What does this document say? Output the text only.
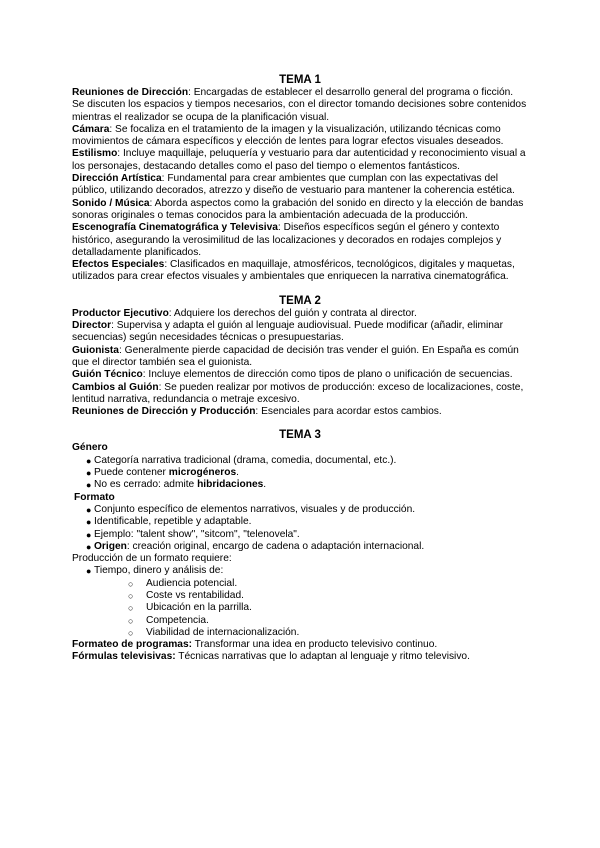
TEMA 1

Reuniones de Dirección: Encargadas de establecer el desarrollo general del programa o ficción. Se discuten los espacios y tiempos necesarios, con el director tomando decisiones sobre contenidos mientras el realizador se ocupa de la planificación visual.

Cámara: Se focaliza en el tratamiento de la imagen y la visualización, utilizando técnicas como movimientos de cámara específicos y elección de lentes para lograr efectos visuales deseados.

Estilismo: Incluye maquillaje, peluquería y vestuario para dar autenticidad y reconocimiento visual a los personajes, destacando detalles como el paso del tiempo o elementos fantásticos.

Dirección Artística: Fundamental para crear ambientes que cumplan con las expectativas del público, utilizando decorados, atrezzo y diseño de vestuario para mantener la coherencia estética.

Sonido / Música: Aborda aspectos como la grabación del sonido en directo y la elección de bandas sonoras originales o temas conocidos para la ambientación adecuada de la producción.

Escenografía Cinematográfica y Televisiva: Diseños específicos según el género y contexto histórico, asegurando la verosimilitud de las localizaciones y decorados en rodajes complejos y detalladamente planificados.

Efectos Especiales: Clasificados en maquillaje, atmosféricos, tecnológicos, digitales y maquetas, utilizados para crear efectos visuales y ambientales que enriquecen la narrativa cinematográfica.

TEMA 2

Productor Ejecutivo: Adquiere los derechos del guión y contrata al director.

Director: Supervisa y adapta el guión al lenguaje audiovisual. Puede modificar (añadir, eliminar secuencias) según necesidades técnicas o presupuestarias.

Guionista: Generalmente pierde capacidad de decisión tras vender el guión. En España es común que el director también sea el guionista.

Guión Técnico: Incluye elementos de dirección como tipos de plano o unificación de secuencias.

Cambios al Guión: Se pueden realizar por motivos de producción: exceso de localizaciones, coste, lentitud narrativa, redundancia o metraje excesivo.

Reuniones de Dirección y Producción: Esenciales para acordar estos cambios.

TEMA 3

Género

● Categoría narrativa tradicional (drama, comedia, documental, etc.).
● Puede contener microgéneros.
● No es cerrado: admite hibridaciones.

Formato

● Conjunto específico de elementos narrativos, visuales y de producción.
● Identificable, repetible y adaptable.
● Ejemplo: "talent show", "sitcom", "telenovela".
● Origen: creación original, encargo de cadena o adaptación internacional.

Producción de un formato requiere:

● Tiempo, dinero y análisis de:
○ Audiencia potencial.
○ Coste vs rentabilidad.
○ Ubicación en la parrilla.
○ Competencia.
○ Viabilidad de internacionalización.

Formateo de programas: Transformar una idea en producto televisivo continuo.

Fórmulas televisivas: Técnicas narrativas que lo adaptan al lenguaje y ritmo televisivo.
